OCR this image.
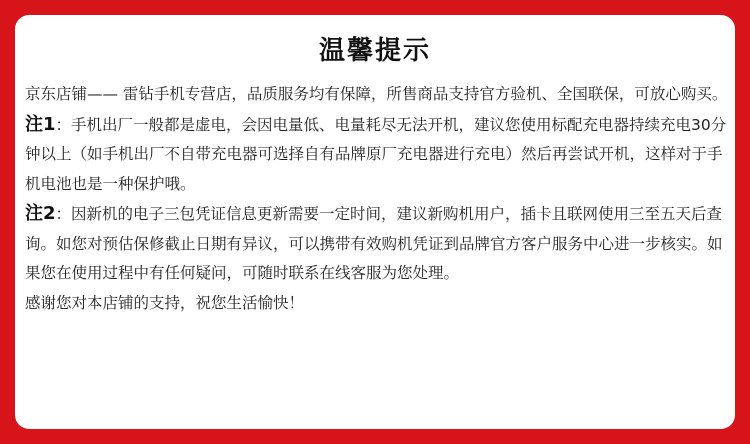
温馨提示

京东店铺—— 雷钻手机专营店，品质服务均有保障，所售商品支持官方验机、全国联保，可放心购买。

注1：手机出厂一般都是虚电，会因电量低、电量耗尽无法开机，建议您使用标配充电器持续充电30分钟以上（如手机出厂不自带充电器可选择自有品牌原厂充电器进行充电）然后再尝试开机，这样对于手机电池也是一种保护哦。

注2：因新机的电子三包凭证信息更新需要一定时间，建议新购机用户，插卡且联网使用三至五天后查询。如您对预估保修截止日期有异议，可以携带有效购机凭证到品牌官方客户服务中心进一步核实。如果您在使用过程中有任何疑问，可随时联系在线客服为您处理。

感谢您对本店铺的支持，祝您生活愉快！
